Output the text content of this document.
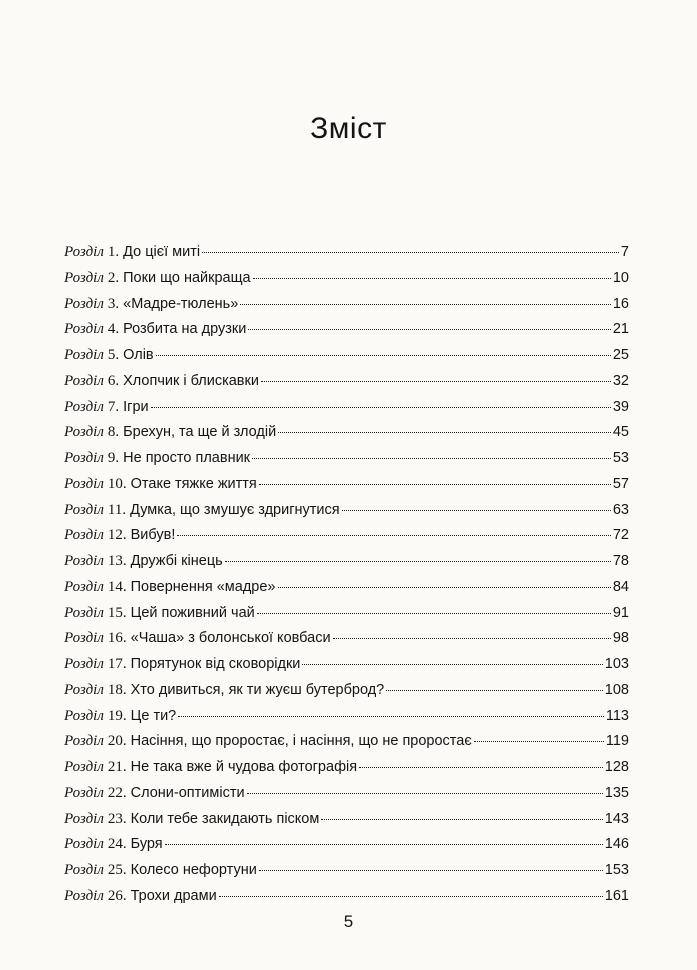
Зміст
Розділ 1. До цієї миті	7
Розділ 2. Поки що найкраща	10
Розділ 3. «Мадре-тюлень»	16
Розділ 4. Розбита на друзки	21
Розділ 5. Олів	25
Розділ 6. Хлопчик і блискавки	32
Розділ 7. Ігри	39
Розділ 8. Брехун, та ще й злодій	45
Розділ 9. Не просто плавник	53
Розділ 10. Отаке тяжке життя	57
Розділ 11. Думка, що змушує здригнутися	63
Розділ 12. Вибув!	72
Розділ 13. Дружбі кінець	78
Розділ 14. Повернення «мадре»	84
Розділ 15. Цей поживний чай	91
Розділ 16. «Чаша» з болонської ковбаси	98
Розділ 17. Порятунок від сковорідки	103
Розділ 18. Хто дивиться, як ти жуєш бутерброд?	108
Розділ 19. Це ти?	113
Розділ 20. Насіння, що проростає, і насіння, що не проростає	119
Розділ 21. Не така вже й чудова фотографія	128
Розділ 22. Слони-оптимісти	135
Розділ 23. Коли тебе закидають піском	143
Розділ 24. Буря	146
Розділ 25. Колесо нефортуни	153
Розділ 26. Трохи драми	161
5
